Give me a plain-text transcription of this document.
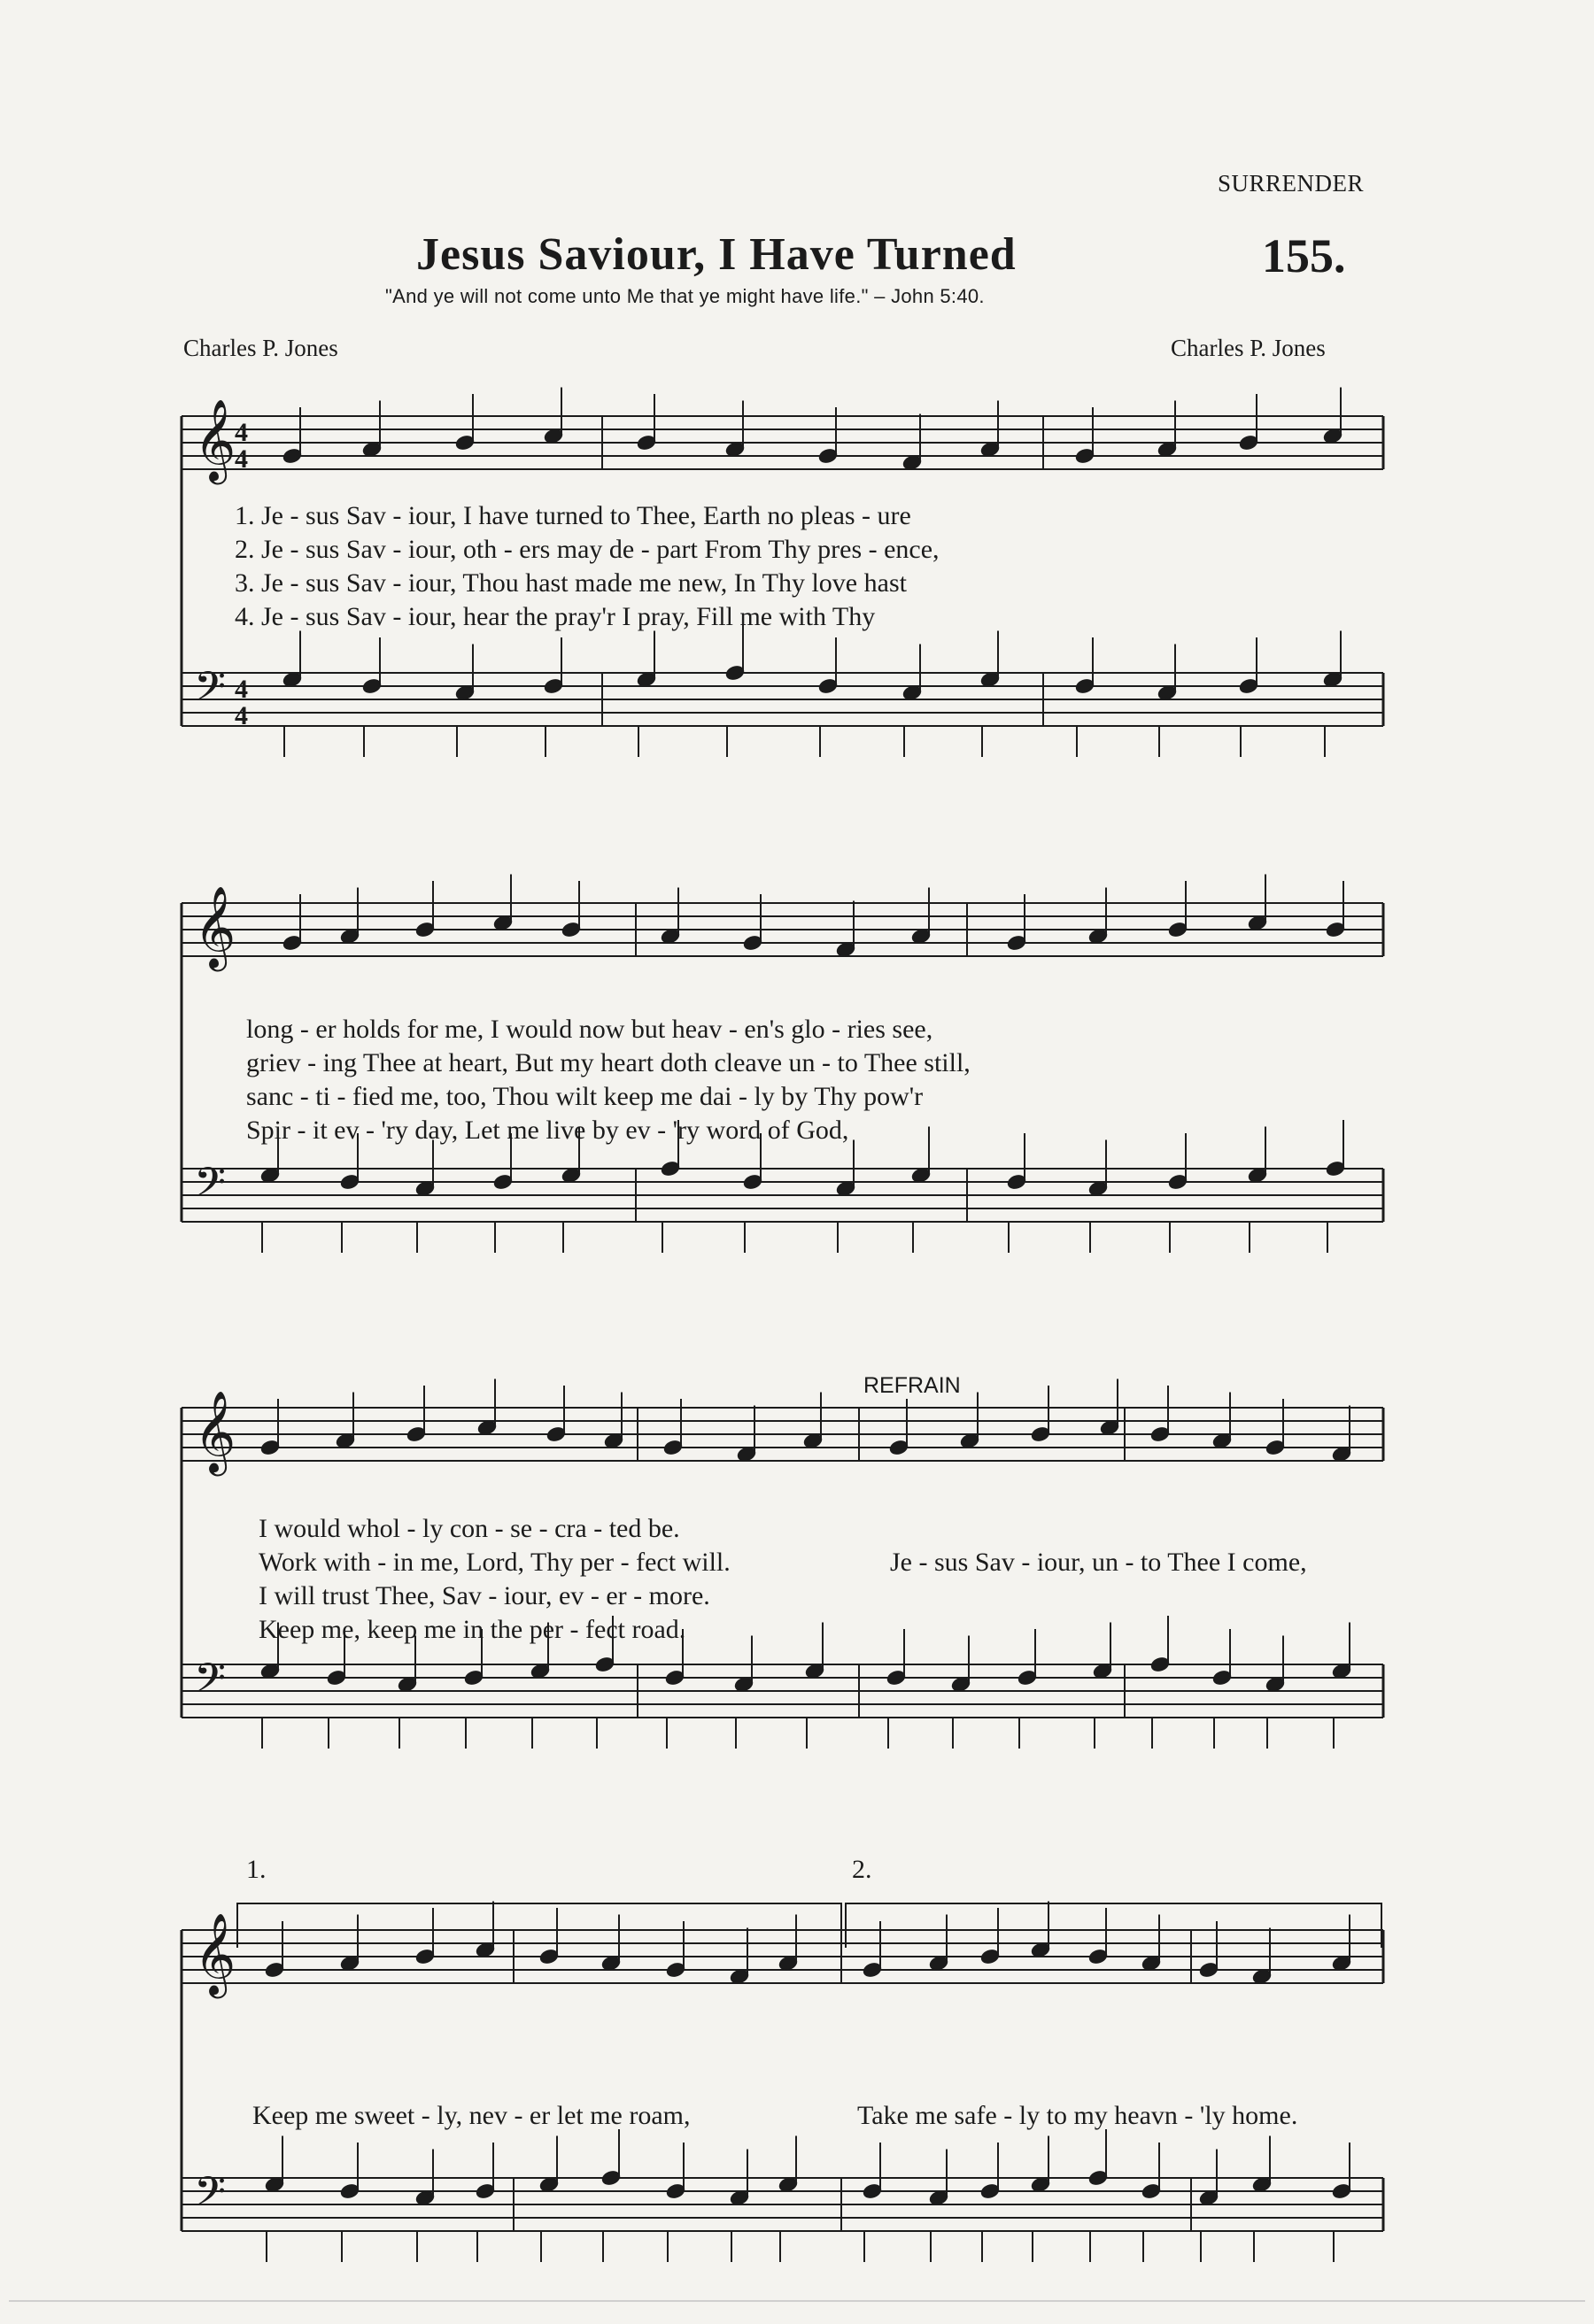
SURRENDER
Jesus Saviour, I Have Turned	155.
"And ye will not come unto Me that ye might have life." – John 5:40.
Charles P. Jones	Charles P. Jones
𝄞
𝄢
4
4
4
4
𝄞
𝄢
𝄞
𝄢
𝄞
𝄢
1. Je - sus Sav - iour, I have turned to Thee, Earth no pleas - ure
2. Je - sus Sav - iour, oth - ers may de - part From Thy pres - ence,
3. Je - sus Sav - iour, Thou hast made me new, In Thy love hast
4. Je - sus Sav - iour, hear the pray'r I pray, Fill me with Thy
long - er holds for me, I would now but heav - en's glo - ries see,
griev - ing Thee at heart, But my heart doth cleave un - to Thee still,
sanc - ti - fied me, too, Thou wilt keep me dai - ly by Thy pow'r
Spir - it ev - 'ry day, Let me live by ev - 'ry word of God,
REFRAIN
I would whol - ly con - se - cra - ted be.
Work with - in me, Lord, Thy per - fect will.
I will trust Thee, Sav - iour, ev - er - more.
Keep me, keep me in the per - fect road.
Je - sus Sav - iour, un - to Thee I come,
1.	2.
Keep me sweet - ly, nev - er let me roam,	Take me safe - ly to my heavn - 'ly home.
